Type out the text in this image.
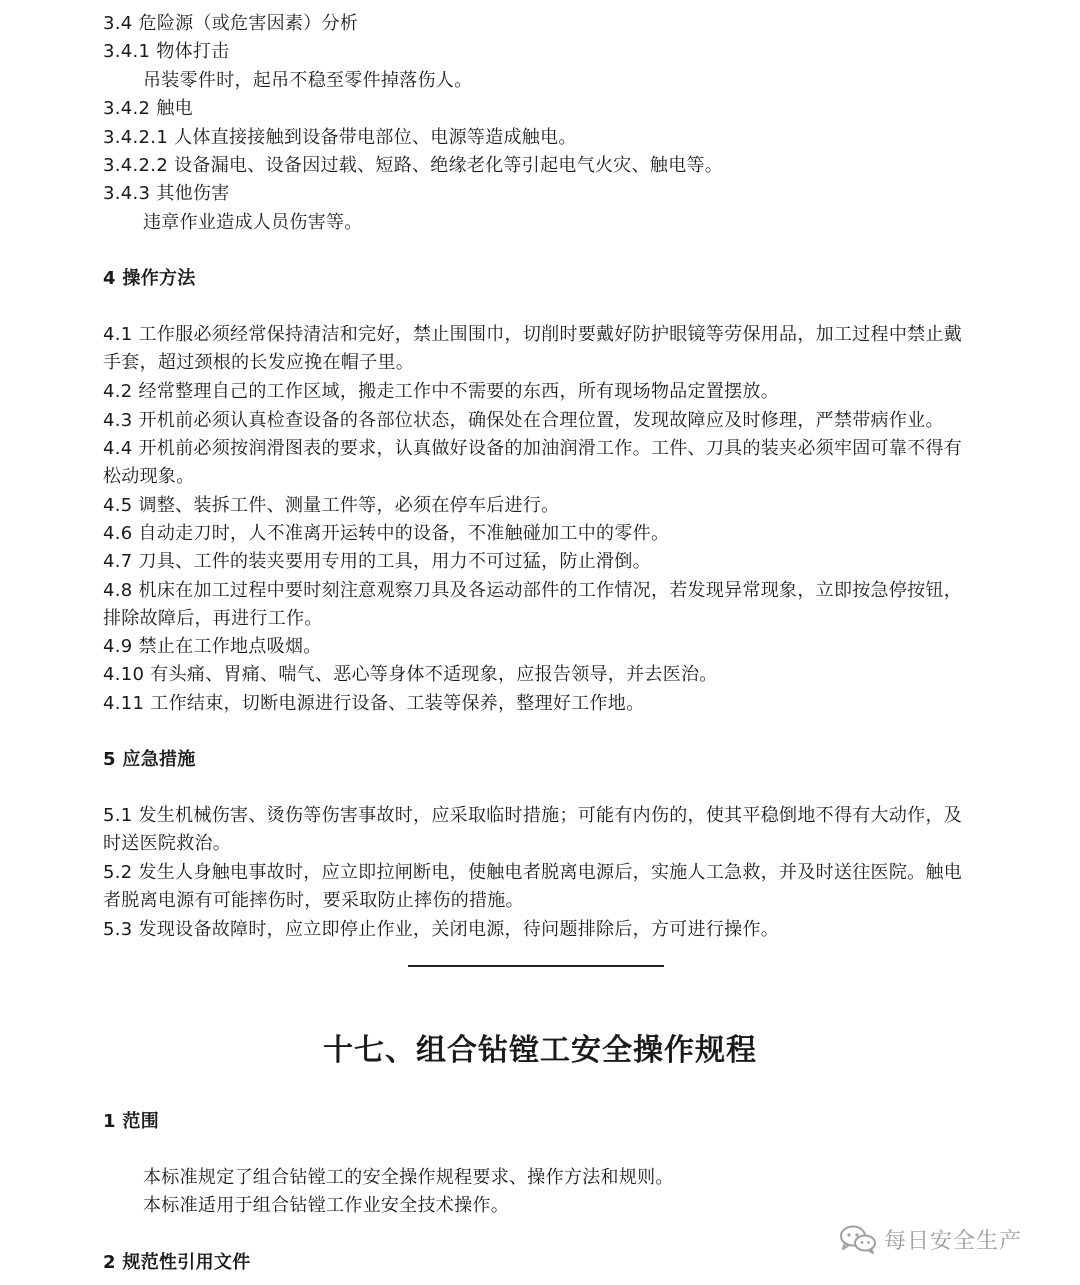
3.4 危险源（或危害因素）分析
3.4.1 物体打击
吊装零件时，起吊不稳至零件掉落伤人。
3.4.2 触电
3.4.2.1 人体直接接触到设备带电部位、电源等造成触电。
3.4.2.2 设备漏电、设备因过载、短路、绝缘老化等引起电气火灾、触电等。
3.4.3 其他伤害
违章作业造成人员伤害等。
4 操作方法
4.1 工作服必须经常保持清洁和完好，禁止围围巾，切削时要戴好防护眼镜等劳保用品，加工过程中禁止戴手套，超过颈根的长发应挽在帽子里。
4.2 经常整理自己的工作区域，搬走工作中不需要的东西，所有现场物品定置摆放。
4.3 开机前必须认真检查设备的各部位状态，确保处在合理位置，发现故障应及时修理，严禁带病作业。
4.4 开机前必须按润滑图表的要求，认真做好设备的加油润滑工作。工件、刀具的装夹必须牢固可靠不得有松动现象。
4.5 调整、装拆工件、测量工件等，必须在停车后进行。
4.6 自动走刀时，人不准离开运转中的设备，不准触碰加工中的零件。
4.7 刀具、工件的装夹要用专用的工具，用力不可过猛，防止滑倒。
4.8 机床在加工过程中要时刻注意观察刀具及各运动部件的工作情况，若发现异常现象，立即按急停按钮，排除故障后，再进行工作。
4.9 禁止在工作地点吸烟。
4.10 有头痛、胃痛、喘气、恶心等身体不适现象，应报告领导，并去医治。
4.11 工作结束，切断电源进行设备、工装等保养，整理好工作地。
5 应急措施
5.1 发生机械伤害、烫伤等伤害事故时，应采取临时措施；可能有内伤的，使其平稳倒地不得有大动作，及时送医院救治。
5.2 发生人身触电事故时，应立即拉闸断电，使触电者脱离电源后，实施人工急救，并及时送往医院。触电者脱离电源有可能摔伤时，要采取防止摔伤的措施。
5.3 发现设备故障时，应立即停止作业，关闭电源，待问题排除后，方可进行操作。
十七、组合钻镗工安全操作规程
1 范围
本标准规定了组合钻镗工的安全操作规程要求、操作方法和规则。
本标准适用于组合钻镗工作业安全技术操作。
2 规范性引用文件
每日安全生产
